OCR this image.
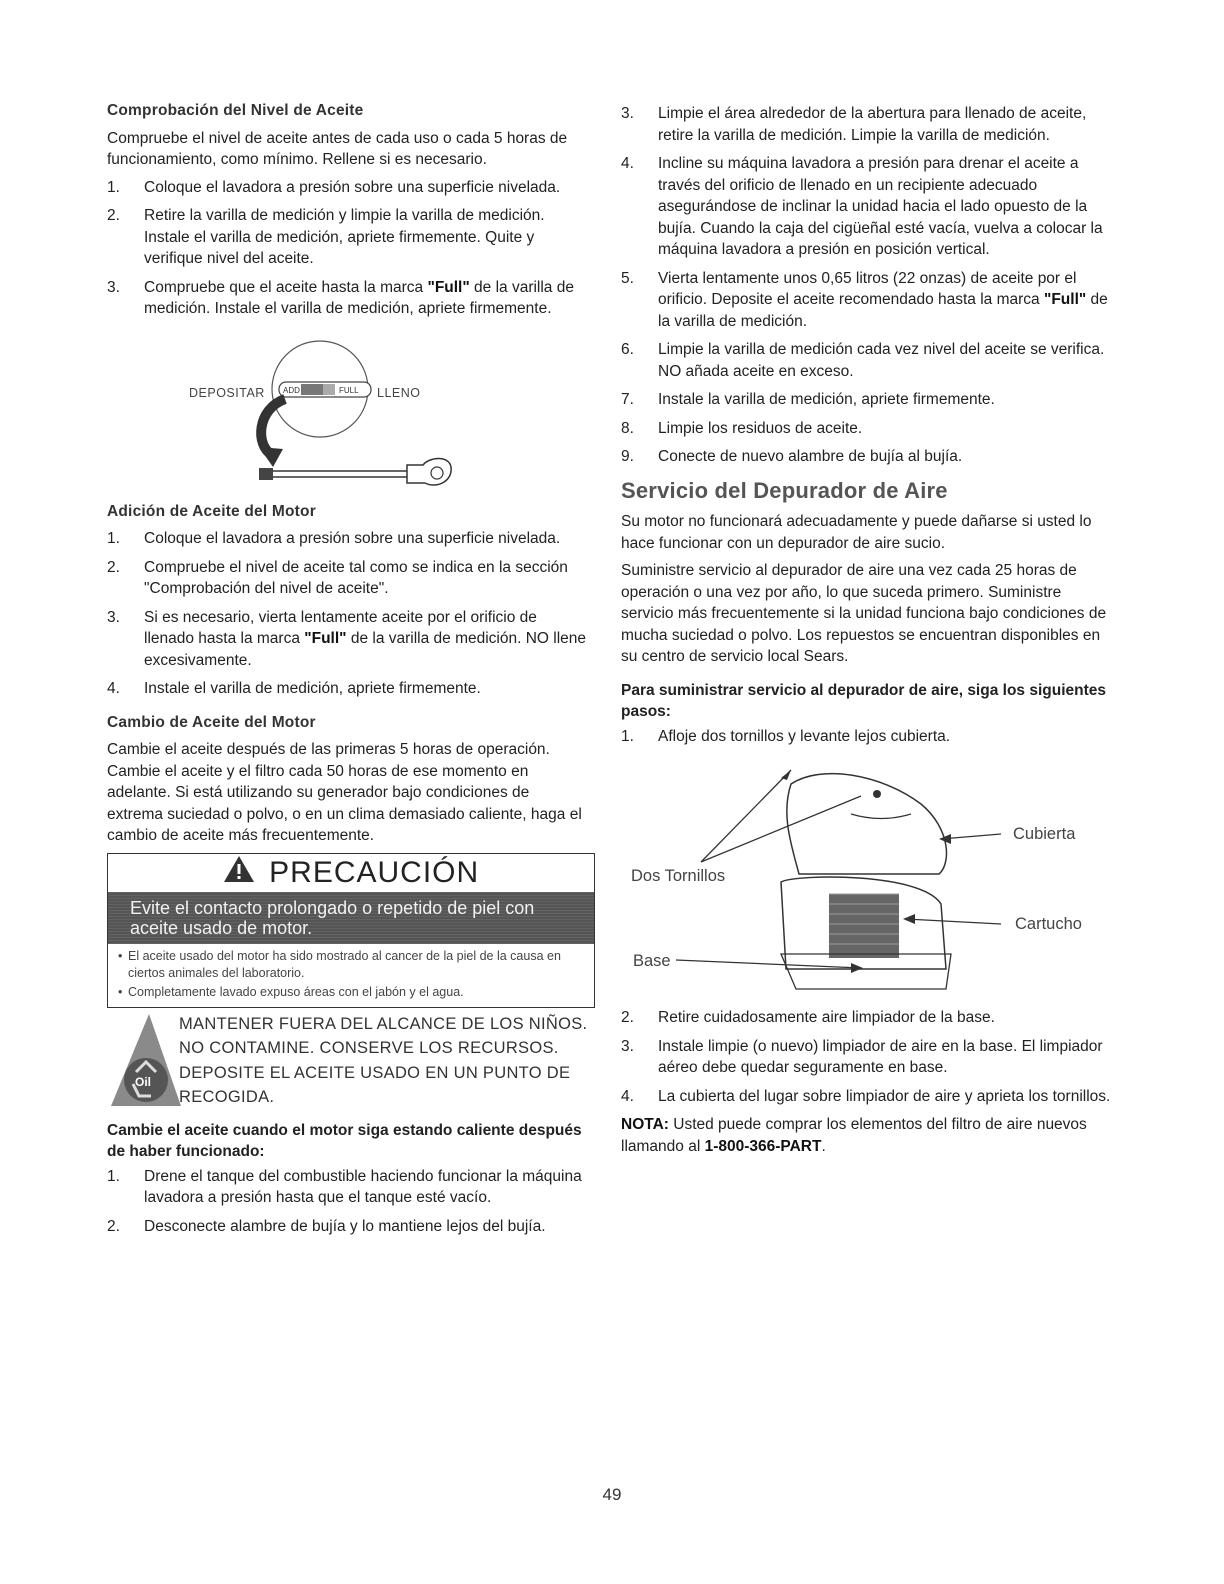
Comprobación del Nivel de Aceite

Compruebe el nivel de aceite antes de cada uso o cada 5 horas de funcionamiento, como mínimo. Rellene si es necesario.

1. Coloque el lavadora a presión sobre una superficie nivelada.
2. Retire la varilla de medición y limpie la varilla de medición. Instale el varilla de medición, apriete firmemente. Quite y verifique nivel del aceite.
3. Compruebe que el aceite hasta la marca "Full" de la varilla de medición. Instale el varilla de medición, apriete firmemente.
DEPOSITAR	LLENO
ADD	FULL
Adición de Aceite del Motor
1. Coloque el lavadora a presión sobre una superficie nivelada.
2. Compruebe el nivel de aceite tal como se indica en la sección "Comprobación del nivel de aceite".
3. Si es necesario, vierta lentamente aceite por el orificio de llenado hasta la marca "Full" de la varilla de medición. NO llene excesivamente.
4. Instale el varilla de medición, apriete firmemente.
Cambio de Aceite del Motor

Cambie el aceite después de las primeras 5 horas de operación. Cambie el aceite y el filtro cada 50 horas de ese momento en adelante. Si está utilizando su generador bajo condiciones de extrema suciedad o polvo, o en un clima demasiado caliente, haga el cambio de aceite más frecuentemente.

PRECAUCIÓN
Evite el contacto prolongado o repetido de piel con aceite usado de motor.
• El aceite usado del motor ha sido mostrado al cancer de la piel de la causa en ciertos animales del laboratorio.
• Completamente lavado expuso áreas con el jabón y el agua.
Oil
MANTENER FUERA DEL ALCANCE DE LOS NIÑOS. NO CONTAMINE. CONSERVE LOS RECURSOS. DEPOSITE EL ACEITE USADO EN UN PUNTO DE RECOGIDA.
Cambie el aceite cuando el motor siga estando caliente después de haber funcionado:
1. Drene el tanque del combustible haciendo funcionar la máquina lavadora a presión hasta que el tanque esté vacío.
2. Desconecte alambre de bujía y lo mantiene lejos del bujía.
3. Limpie el área alrededor de la abertura para llenado de aceite, retire la varilla de medición. Limpie la varilla de medición.
4. Incline su máquina lavadora a presión para drenar el aceite a través del orificio de llenado en un recipiente adecuado asegurándose de inclinar la unidad hacia el lado opuesto de la bujía. Cuando la caja del cigüeñal esté vacía, vuelva a colocar la máquina lavadora a presión en posición vertical.
5. Vierta lentamente unos 0,65 litros (22 onzas) de aceite por el orificio. Deposite el aceite recomendado hasta la marca "Full" de la varilla de medición.
6. Limpie la varilla de medición cada vez nivel del aceite se verifica. NO añada aceite en exceso.
7. Instale la varilla de medición, apriete firmemente.
8. Limpie los residuos de aceite.
9. Conecte de nuevo alambre de bujía al bujía.
Servicio del Depurador de Aire

Su motor no funcionará adecuadamente y puede dañarse si usted lo hace funcionar con un depurador de aire sucio.

Suministre servicio al depurador de aire una vez cada 25 horas de operación o una vez por año, lo que suceda primero. Suministre servicio más frecuentemente si la unidad funciona bajo condiciones de mucha suciedad o polvo. Los repuestos se encuentran disponibles en su centro de servicio local Sears.

Para suministrar servicio al depurador de aire, siga los siguientes pasos:
1. Afloje dos tornillos y levante lejos cubierta.
Cubierta
Dos Tornillos
Cartucho
Base
2. Retire cuidadosamente aire limpiador de la base.
3. Instale limpie (o nuevo) limpiador de aire en la base. El limpiador aéreo debe quedar seguramente en base.
4. La cubierta del lugar sobre limpiador de aire y aprieta los tornillos.

NOTA: Usted puede comprar los elementos del filtro de aire nuevos llamando al 1-800-366-PART.

49
